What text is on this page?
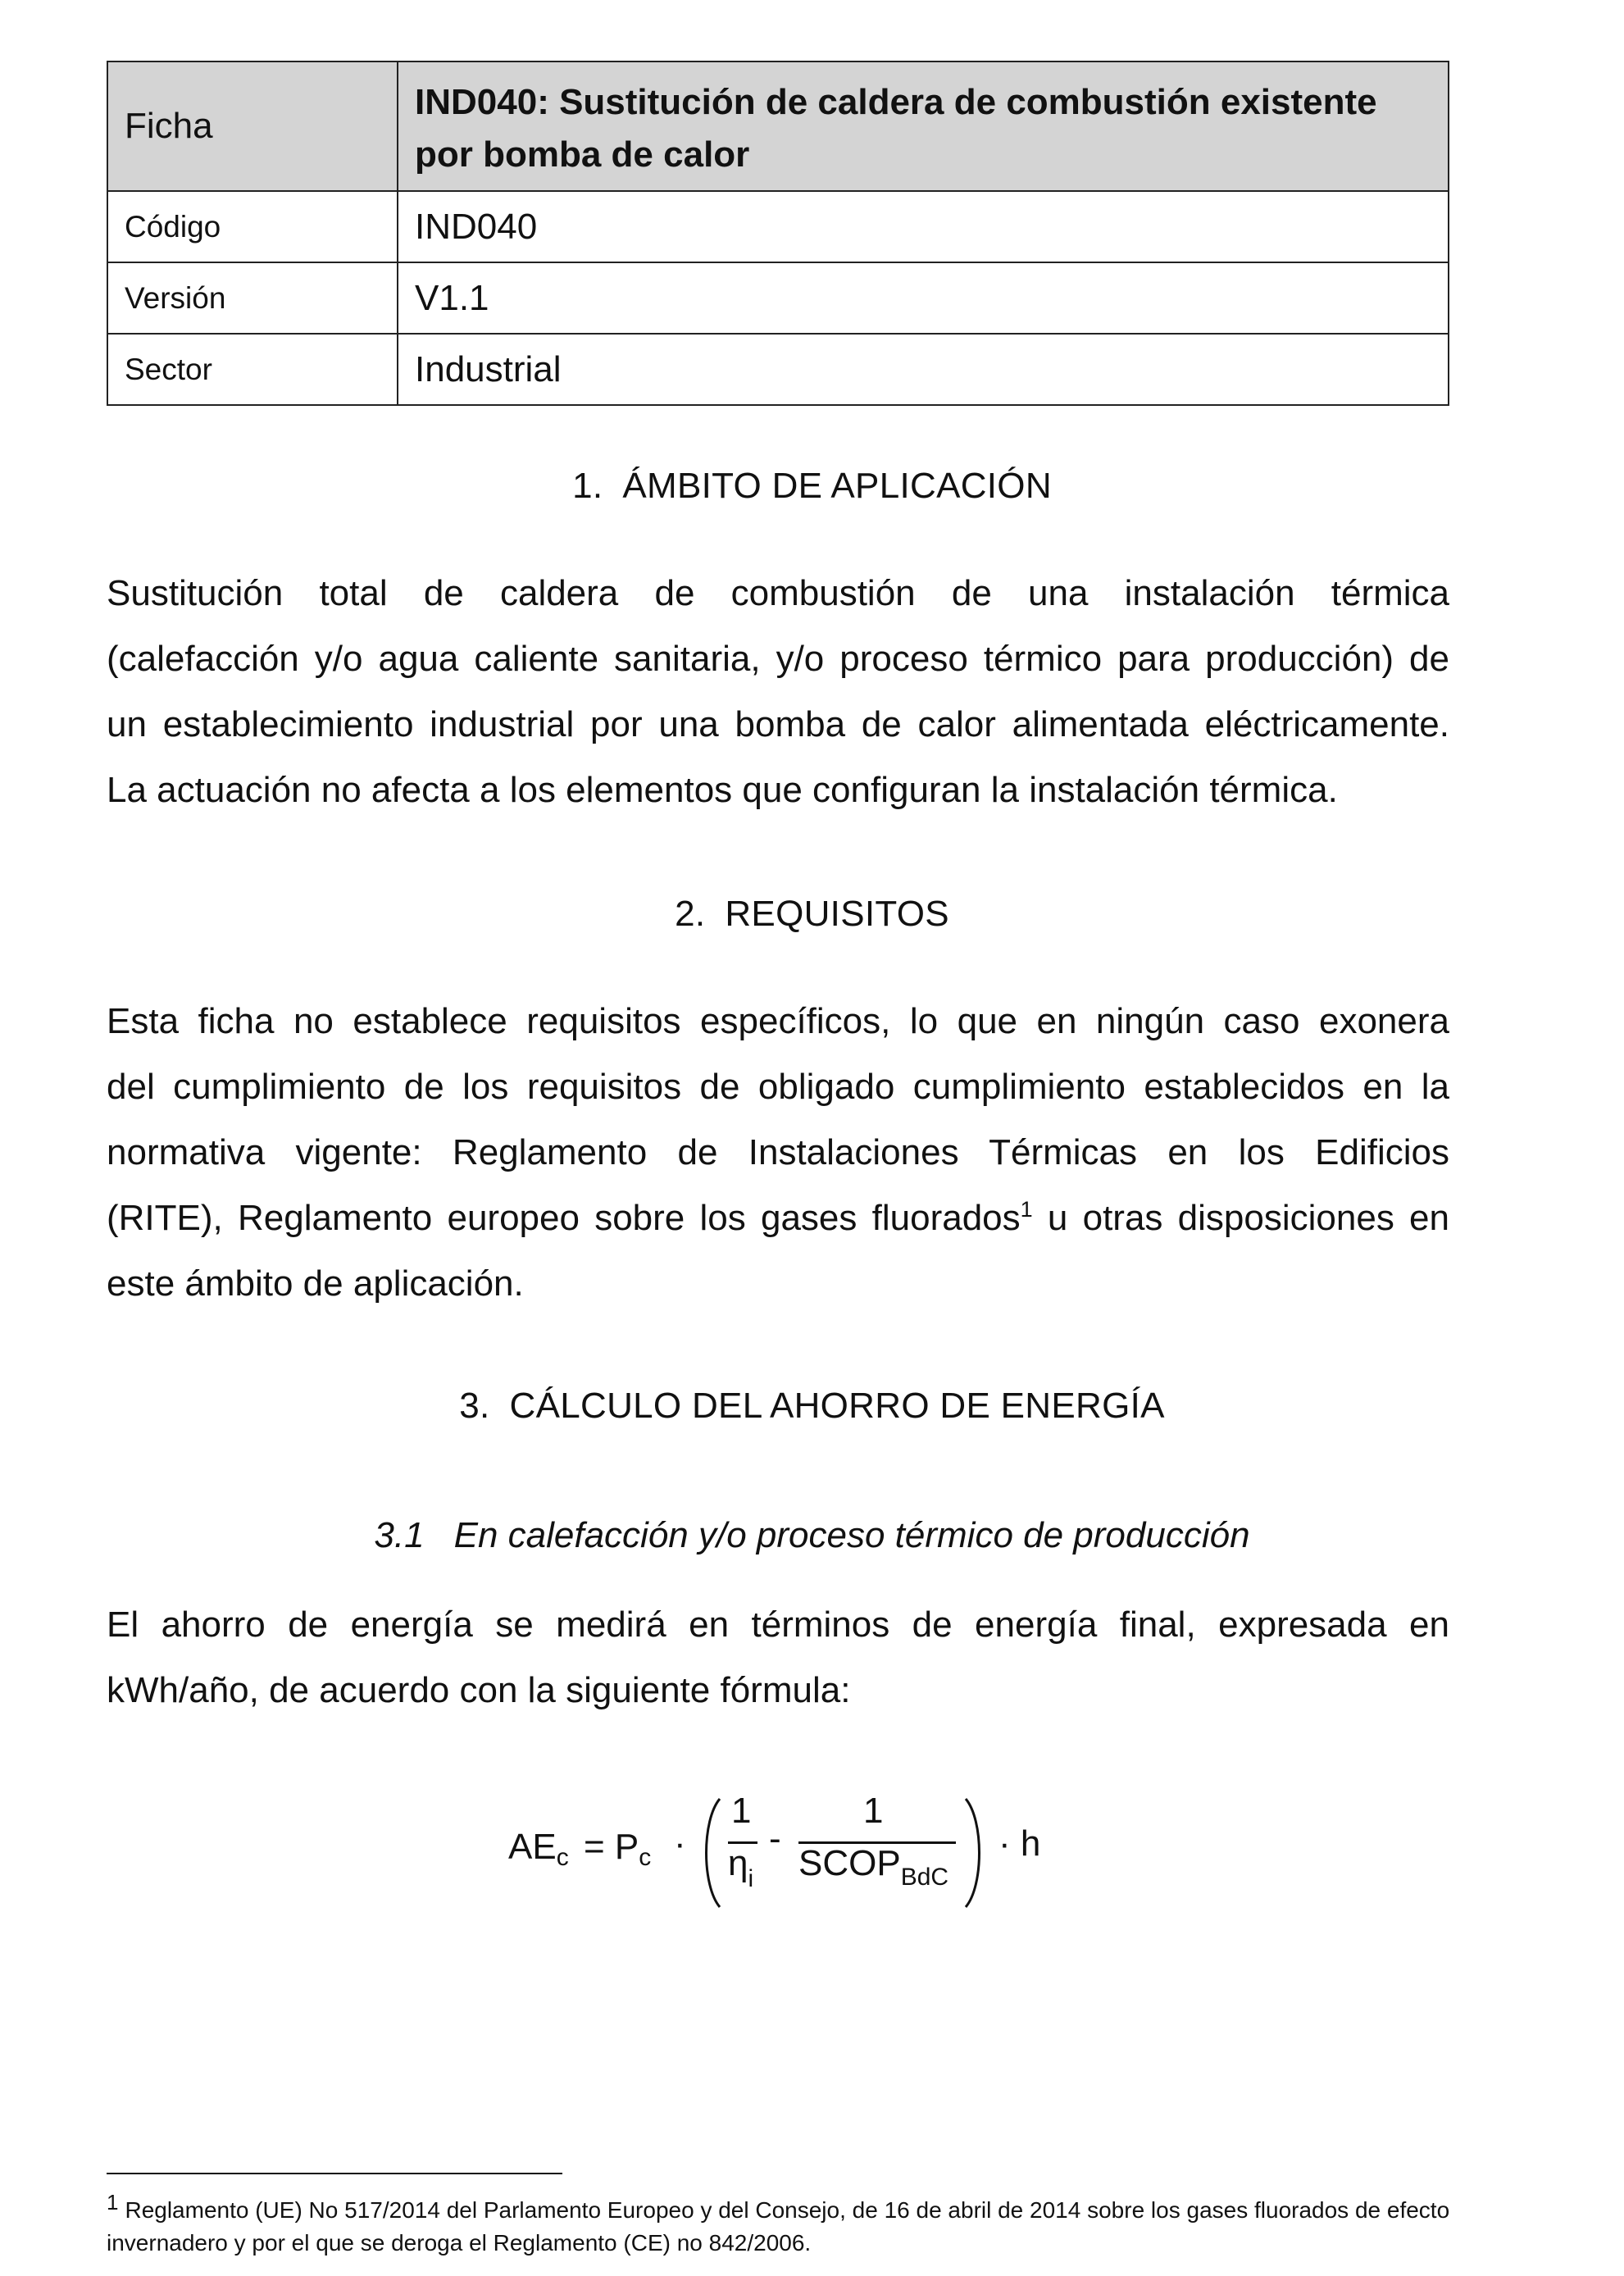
Ficha	IND040: Sustitución de caldera de combustión existente por bomba de calor
Código	IND040
Versión	V1.1
Sector	Industrial
1. ÁMBITO DE APLICACIÓN
Sustitución total de caldera de combustión de una instalación térmica
(calefacción y/o agua caliente sanitaria, y/o proceso térmico para producción) de
un establecimiento industrial por una bomba de calor alimentada eléctricamente.
La actuación no afecta a los elementos que configuran la instalación térmica.
2. REQUISITOS
Esta ficha no establece requisitos específicos, lo que en ningún caso exonera
del cumplimiento de los requisitos de obligado cumplimiento establecidos en la
normativa vigente: Reglamento de Instalaciones Térmicas en los Edificios
(RITE), Reglamento europeo sobre los gases fluorados$^1$ u otras disposiciones en
este ámbito de aplicación.
3. CÁLCULO DEL AHORRO DE ENERGÍA
3.1 En calefacción y/o proceso térmico de producción
El ahorro de energía se medirá en términos de energía final, expresada en
kWh/año, de acuerdo con la siguiente fórmula:
$AE_c = P_c$ ·
1
$\eta_i$
-
1
$SCOP_{BdC}$
· h
$^1$ Reglamento (UE) No 517/2014 del Parlamento Europeo y del Consejo, de 16 de abril de 2014 sobre los gases fluorados de efecto invernadero y por el que se deroga el Reglamento (CE) no 842/2006.
